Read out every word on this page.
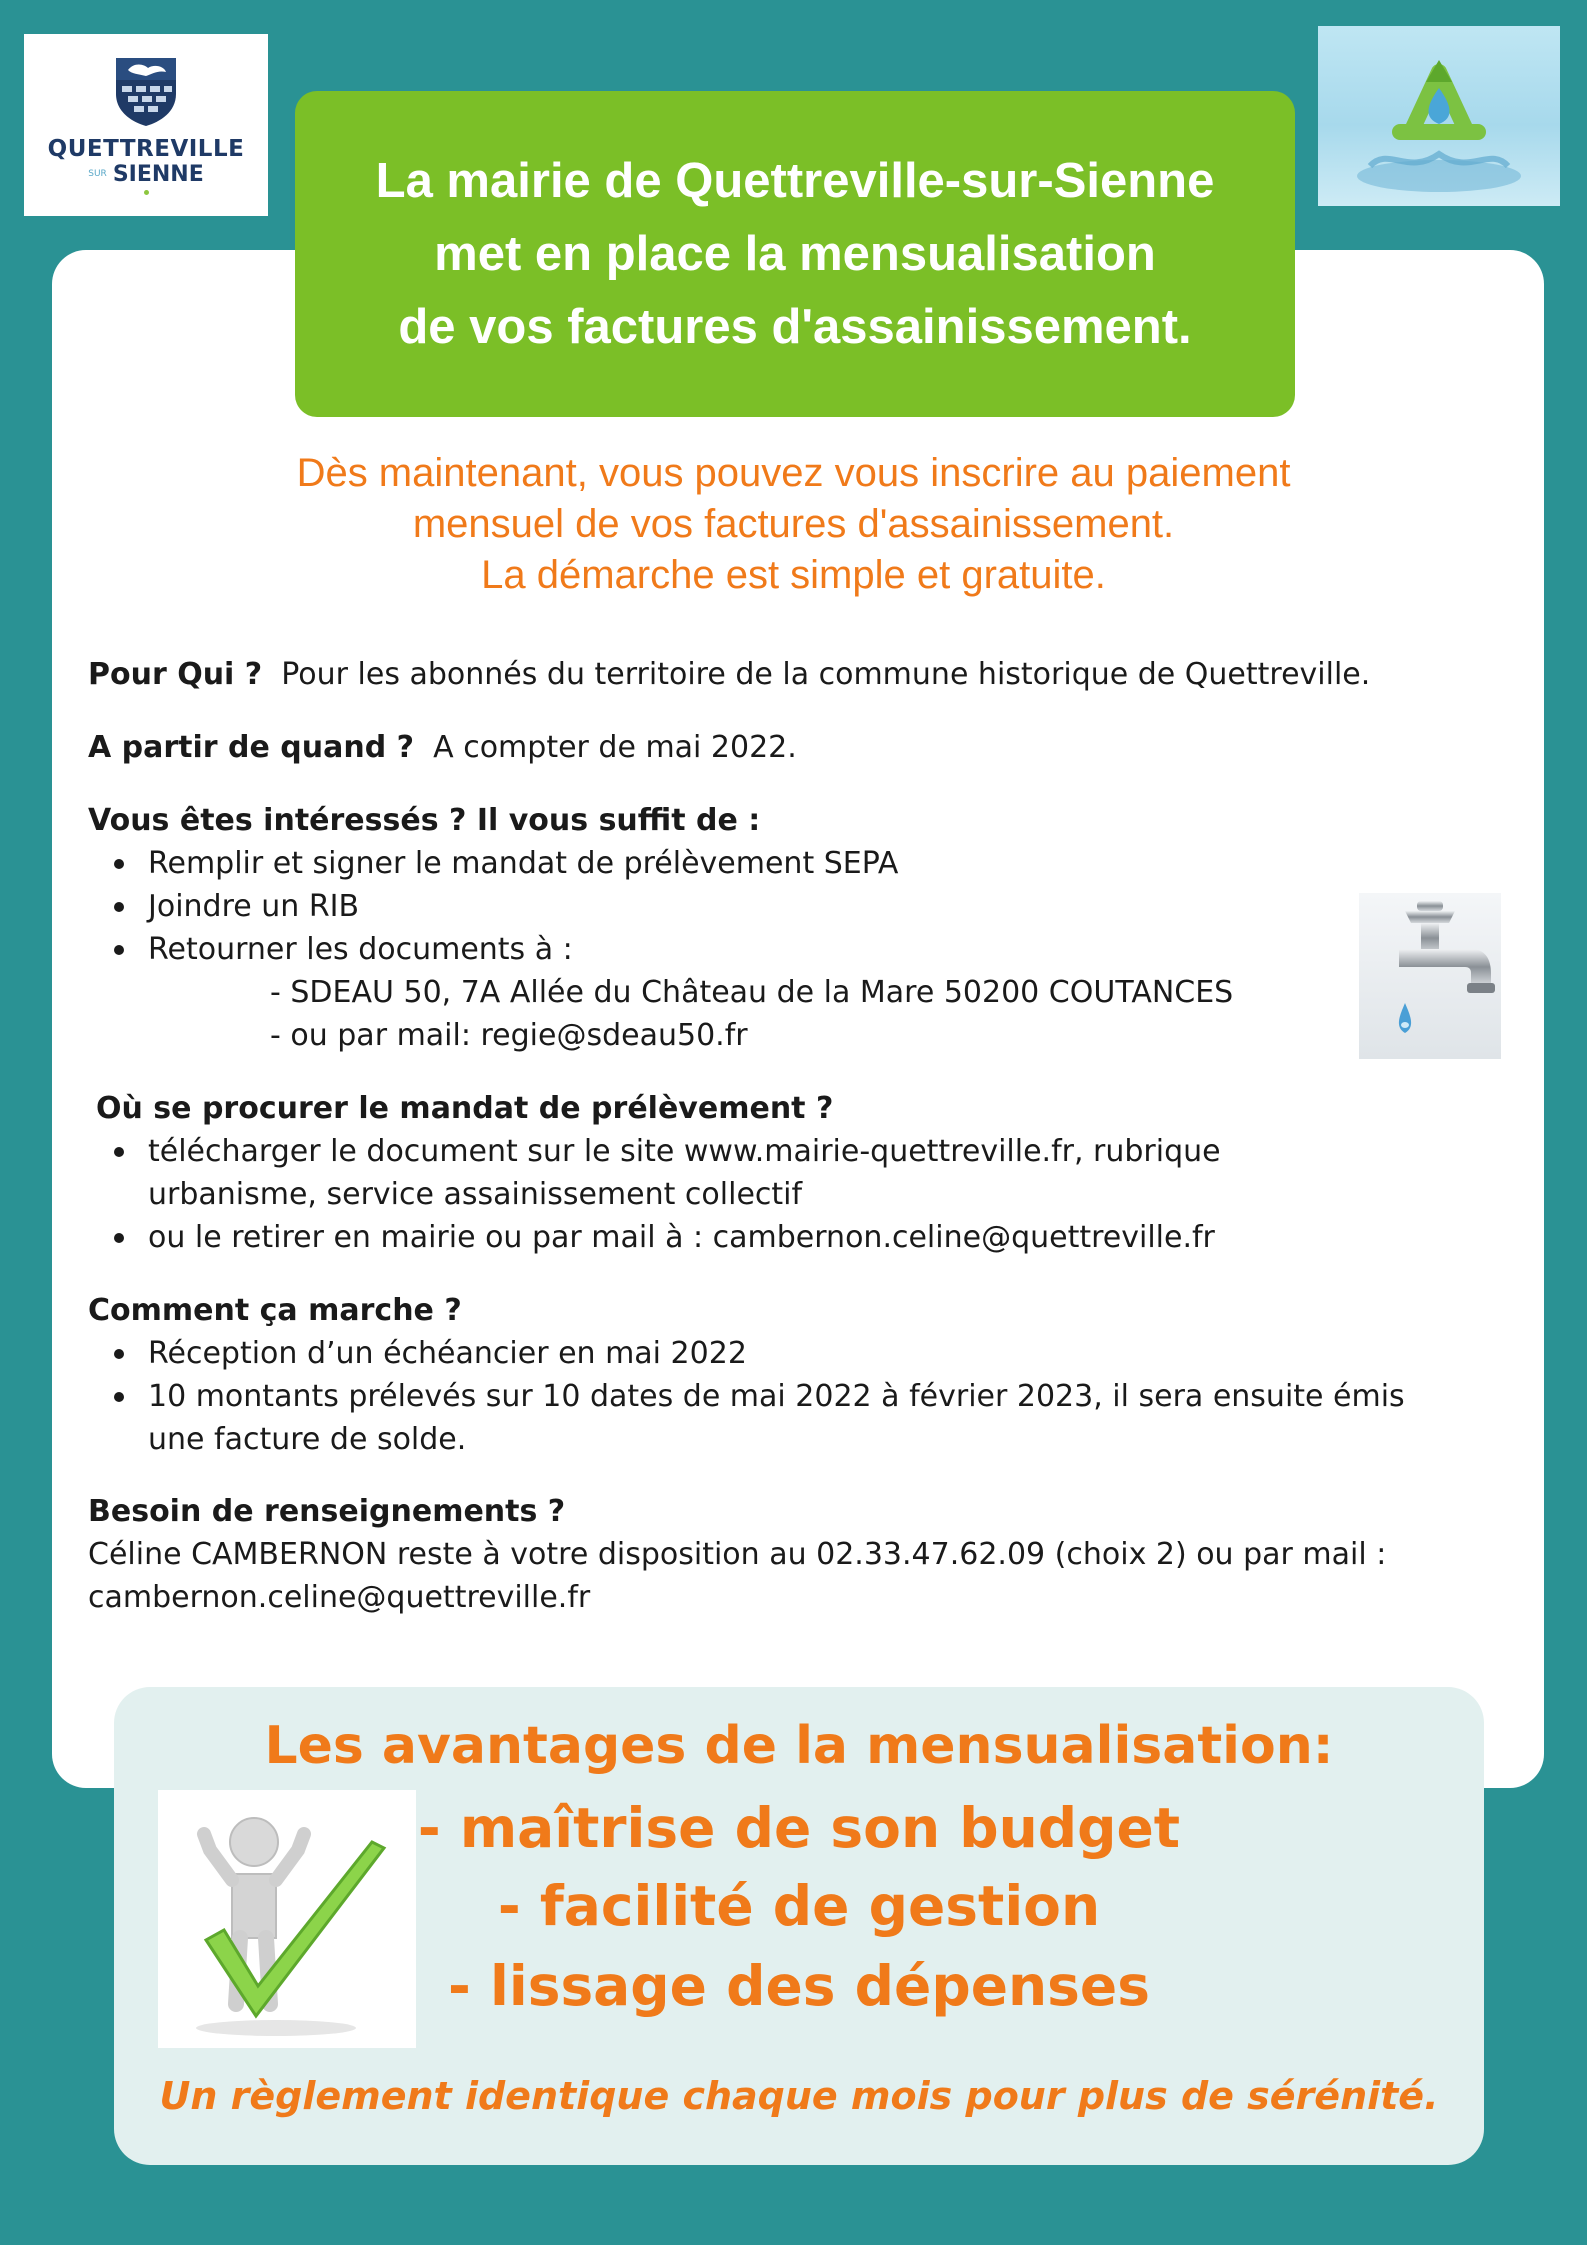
QUETTREVILLE
SUR SIENNE	La mairie de Quettreville-sur-Sienne
met en place la mensualisation
de vos factures d'assainissement.
Dès maintenant, vous pouvez vous inscrire au paiement
mensuel de vos factures d'assainissement.
La démarche est simple et gratuite.
Pour Qui ? Pour les abonnés du territoire de la commune historique de Quettreville.
A partir de quand ? A compter de mai 2022.
Vous êtes intéressés ? Il vous suffit de :
Remplir et signer le mandat de prélèvement SEPA
Joindre un RIB
Retourner les documents à :
- SDEAU 50, 7A Allée du Château de la Mare 50200 COUTANCES
- ou par mail: regie@sdeau50.fr
Où se procurer le mandat de prélèvement ?
télécharger le document sur le site www.mairie-quettreville.fr, rubrique
urbanisme, service assainissement collectif
ou le retirer en mairie ou par mail à : cambernon.celine@quettreville.fr
Comment ça marche ?
Réception d’un échéancier en mai 2022
10 montants prélevés sur 10 dates de mai 2022 à février 2023, il sera ensuite émis
une facture de solde.
Besoin de renseignements ?
Céline CAMBERNON reste à votre disposition au 02.33.47.62.09 (choix 2) ou par mail :
cambernon.celine@quettreville.fr
Les avantages de la mensualisation:
- maîtrise de son budget
- facilité de gestion
- lissage des dépenses
Un règlement identique chaque mois pour plus de sérénité.
